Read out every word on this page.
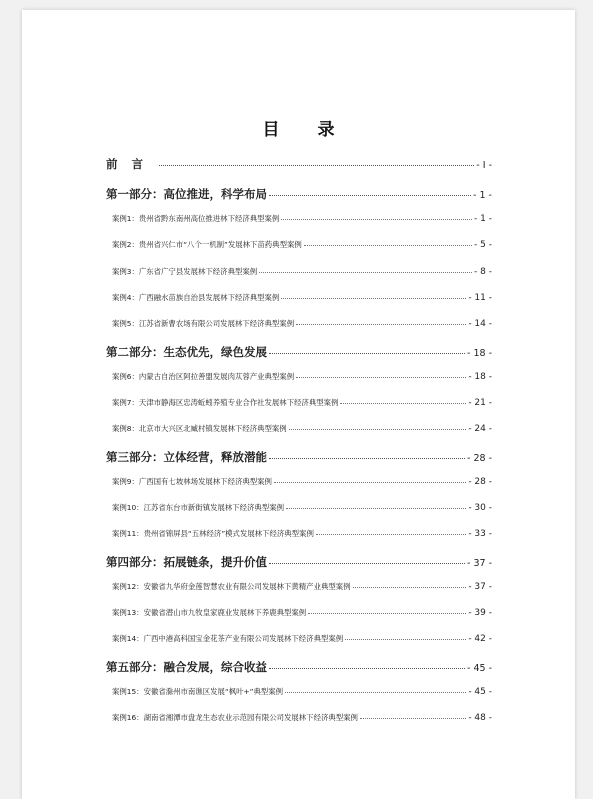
目 录
前言	- I -
第一部分：高位推进，科学布局	- 1 -
案例1：贵州省黔东南州高位推进林下经济典型案例	- 1 -
案例2：贵州省兴仁市“八个一机制”发展林下苗药典型案例	- 5 -
案例3：广东省广宁县发展林下经济典型案例	- 8 -
案例4：广西融水苗族自治县发展林下经济典型案例	- 11 -
案例5：江苏省新曹农场有限公司发展林下经济典型案例	- 14 -
第二部分：生态优先，绿色发展	- 18 -
案例6：内蒙古自治区阿拉善盟发展肉苁蓉产业典型案例	- 18 -
案例7：天津市静海区忠涛蚯蚓养殖专业合作社发展林下经济典型案例	- 21 -
案例8：北京市大兴区北臧村镇发展林下经济典型案例	- 24 -
第三部分：立体经营，释放潜能	- 28 -
案例9：广西国有七坡林场发展林下经济典型案例	- 28 -
案例10：江苏省东台市新街镇发展林下经济典型案例	- 30 -
案例11：贵州省锦屏县“五林经济”模式发展林下经济典型案例	- 33 -
第四部分：拓展链条，提升价值	- 37 -
案例12：安徽省九华府金莲智慧农业有限公司发展林下黄精产业典型案例	- 37 -
案例13：安徽省潜山市九牧皇家鹿业发展林下养鹿典型案例	- 39 -
案例14：广西中港高科国宝金花茶产业有限公司发展林下经济典型案例	- 42 -
第五部分：融合发展，综合收益	- 45 -
案例15：安徽省滁州市南谯区发展“枫叶+”典型案例	- 45 -
案例16：湖南省湘潭市盘龙生态农业示范园有限公司发展林下经济典型案例	- 48 -
